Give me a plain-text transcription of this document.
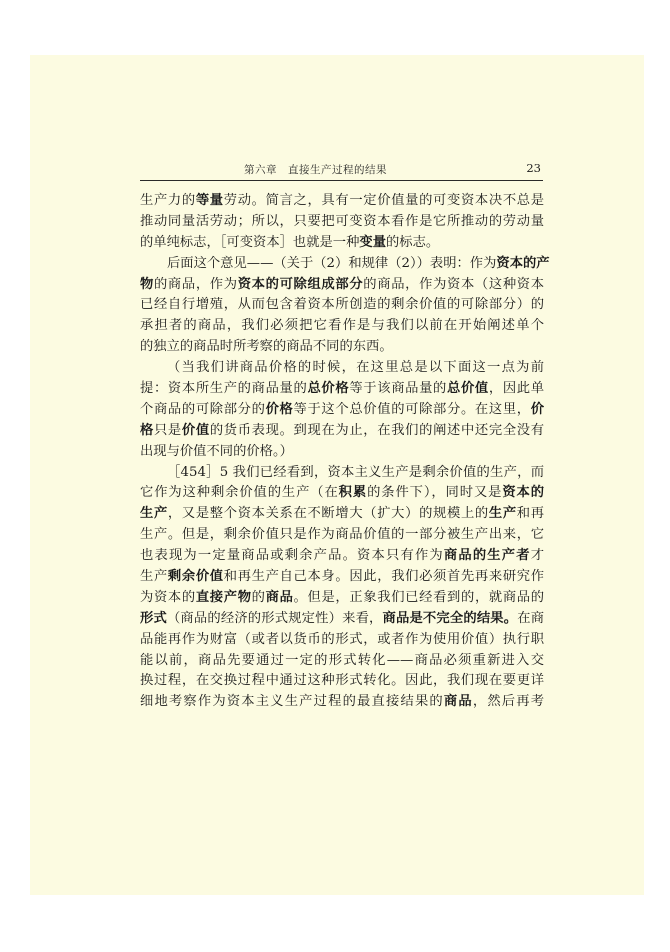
第六章　直接生产过程的结果	23
生产力的等量劳动。简言之，具有一定价值量的可变资本决不总是
推动同量活劳动；所以，只要把可变资本看作是它所推动的劳动量
的单纯标志，［可变资本］也就是一种变量的标志。
后面这个意见——（关于（2）和规律（2））表明：作为资本的产
物的商品，作为资本的可除组成部分的商品，作为资本（这种资本
已经自行增殖，从而包含着资本所创造的剩余价值的可除部分）的
承担者的商品，我们必须把它看作是与我们以前在开始阐述单个
的独立的商品时所考察的商品不同的东西。
（当我们讲商品价格的时候，在这里总是以下面这一点为前
提：资本所生产的商品量的总价格等于该商品量的总价值，因此单
个商品的可除部分的价格等于这个总价值的可除部分。在这里，价
格只是价值的货币表现。到现在为止，在我们的阐述中还完全没有
出现与价值不同的价格。）
［454］5 我们已经看到，资本主义生产是剩余价值的生产，而
它作为这种剩余价值的生产（在积累的条件下），同时又是资本的
生产，又是整个资本关系在不断增大（扩大）的规模上的生产和再
生产。但是，剩余价值只是作为商品价值的一部分被生产出来，它
也表现为一定量商品或剩余产品。资本只有作为商品的生产者才
生产剩余价值和再生产自己本身。因此，我们必须首先再来研究作
为资本的直接产物的商品。但是，正象我们已经看到的，就商品的
形式（商品的经济的形式规定性）来看，商品是不完全的结果。在商
品能再作为财富（或者以货币的形式，或者作为使用价值）执行职
能以前，商品先要通过一定的形式转化——商品必须重新进入交
换过程，在交换过程中通过这种形式转化。因此，我们现在要更详
细地考察作为资本主义生产过程的最直接结果的商品，然后再考
